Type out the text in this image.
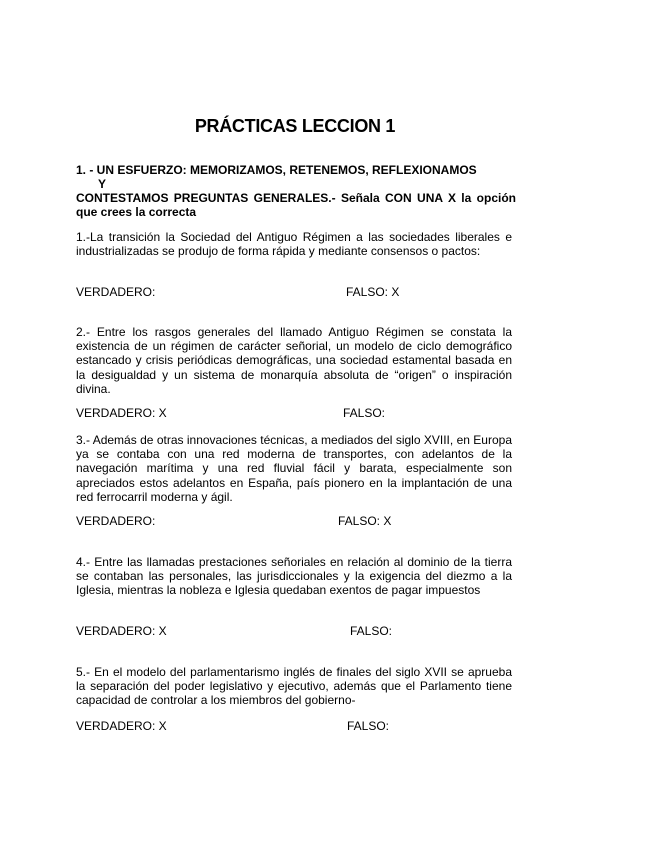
PRÁCTICAS LECCION 1
1. - UN ESFUERZO: MEMORIZAMOS, RETENEMOS, REFLEXIONAMOS
Y
CONTESTAMOS PREGUNTAS GENERALES.- Señala CON UNA X la opción que crees la correcta
1.-La transición la Sociedad del Antiguo Régimen a las sociedades liberales e industrializadas se produjo de forma rápida y mediante consensos o pactos:
VERDADERO:	FALSO: X
2.- Entre los rasgos generales del llamado Antiguo Régimen se constata la existencia de un régimen de carácter señorial, un modelo de ciclo demográfico estancado y crisis periódicas demográficas, una sociedad estamental basada en la desigualdad y un sistema de monarquía absoluta de “origen” o inspiración divina.
VERDADERO: X	FALSO:
3.- Además de otras innovaciones técnicas, a mediados del siglo XVIII, en Europa ya se contaba con una red moderna de transportes, con adelantos de la navegación marítima y una red fluvial fácil y barata, especialmente son apreciados estos adelantos en España, país pionero en la implantación de una red ferrocarril moderna y ágil.
VERDADERO:	FALSO: X
4.- Entre las llamadas prestaciones señoriales en relación al dominio de la tierra se contaban las personales, las jurisdiccionales y la exigencia del diezmo a la Iglesia, mientras la nobleza e Iglesia quedaban exentos de pagar impuestos
VERDADERO: X	FALSO:
5.- En el modelo del parlamentarismo inglés de finales del siglo XVII se aprueba la separación del poder legislativo y ejecutivo, además que el Parlamento tiene capacidad de controlar a los miembros del gobierno-
VERDADERO: X	FALSO:
